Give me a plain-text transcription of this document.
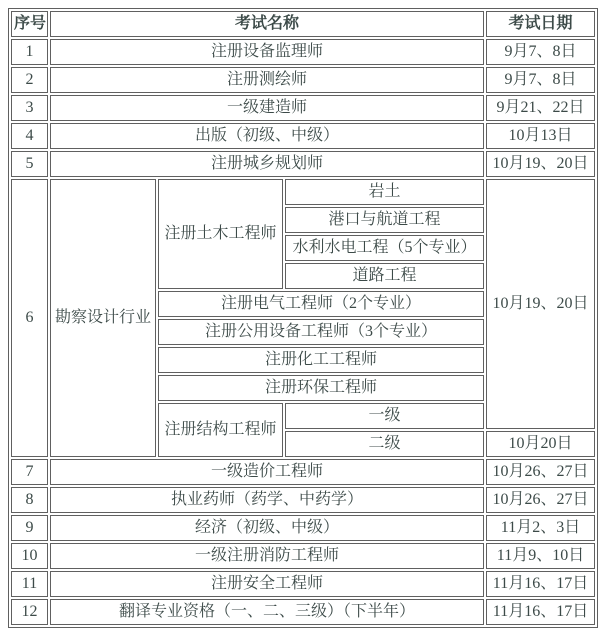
序号	考试名称			考试日期
1	注册设备监理师			9月7、8日
2	注册测绘师			9月7、8日
3	一级建造师			9月21、22日
4	出版（初级、中级）			10月13日
5	注册城乡规划师			10月19、20日
6	勘察设计行业	注册土木工程师	岩土	10月19、20日
			港口与航道工程	
			水利水电工程（5个专业）	
			道路工程	
		注册电气工程师（2个专业）		
		注册公用设备工程师（3个专业）		
		注册化工工程师		
		注册环保工程师		
		注册结构工程师	一级	
			二级	10月20日
7	一级造价工程师			10月26、27日
8	执业药师（药学、中药学）			10月26、27日
9	经济（初级、中级）			11月2、3日
10	一级注册消防工程师			11月9、10日
11	注册安全工程师			11月16、17日
12	翻译专业资格（一、二、三级）（下半年）			11月16、17日
